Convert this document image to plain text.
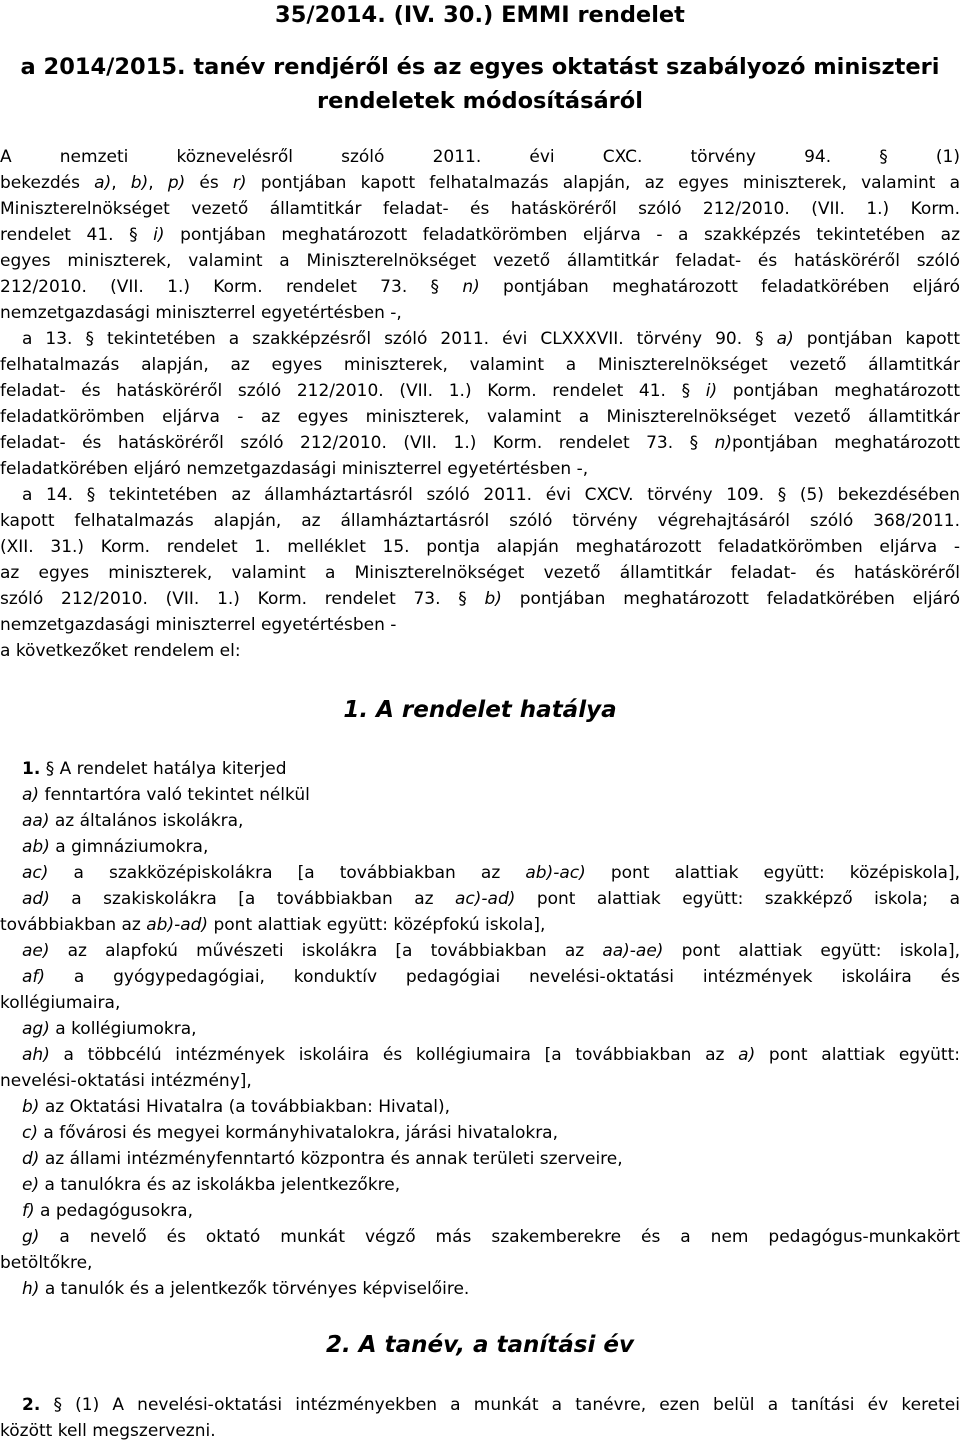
35/2014. (IV. 30.) EMMI rendelet
a 2014/2015. tanév rendjéről és az egyes oktatást szabályozó miniszteri
rendeletek módosításáról

A nemzeti köznevelésről szóló 2011. évi CXC. törvény 94. § (1)

bekezdés a), b), p) és r) pontjában kapott felhatalmazás alapján, az egyes miniszterek, valamint a

Miniszterelnökséget vezető államtitkár feladat- és hatásköréről szóló 212/2010. (VII. 1.) Korm.

rendelet 41. § i) pontjában meghatározott feladatkörömben eljárva - a szakképzés tekintetében az

egyes miniszterek, valamint a Miniszterelnökséget vezető államtitkár feladat- és hatásköréről szóló

212/2010. (VII. 1.) Korm. rendelet 73. § n) pontjában meghatározott feladatkörében eljáró

nemzetgazdasági miniszterrel egyetértésben -,

a 13. § tekintetében a szakképzésről szóló 2011. évi CLXXXVII. törvény 90. § a) pontjában kapott

felhatalmazás alapján, az egyes miniszterek, valamint a Miniszterelnökséget vezető államtitkár

feladat- és hatásköréről szóló 212/2010. (VII. 1.) Korm. rendelet 41. § i) pontjában meghatározott

feladatkörömben eljárva - az egyes miniszterek, valamint a Miniszterelnökséget vezető államtitkár

feladat- és hatásköréről szóló 212/2010. (VII. 1.) Korm. rendelet 73. § n)pontjában meghatározott

feladatkörében eljáró nemzetgazdasági miniszterrel egyetértésben -,

a 14. § tekintetében az államháztartásról szóló 2011. évi CXCV. törvény 109. § (5) bekezdésében

kapott felhatalmazás alapján, az államháztartásról szóló törvény végrehajtásáról szóló 368/2011.

(XII. 31.) Korm. rendelet 1. melléklet 15. pontja alapján meghatározott feladatkörömben eljárva -

az egyes miniszterek, valamint a Miniszterelnökséget vezető államtitkár feladat- és hatásköréről

szóló 212/2010. (VII. 1.) Korm. rendelet 73. § b) pontjában meghatározott feladatkörében eljáró

nemzetgazdasági miniszterrel egyetértésben -

a következőket rendelem el:

1. A rendelet hatálya

1. § A rendelet hatálya kiterjed

a) fenntartóra való tekintet nélkül

aa) az általános iskolákra,

ab) a gimnáziumokra,

ac) a szakközépiskolákra [a továbbiakban az ab)-ac) pont alattiak együtt: középiskola],

ad) a szakiskolákra [a továbbiakban az ac)-ad) pont alattiak együtt: szakképző iskola; a

továbbiakban az ab)-ad) pont alattiak együtt: középfokú iskola],

ae) az alapfokú művészeti iskolákra [a továbbiakban az aa)-ae) pont alattiak együtt: iskola],

af) a gyógypedagógiai, konduktív pedagógiai nevelési-oktatási intézmények iskoláira és

kollégiumaira,

ag) a kollégiumokra,

ah) a többcélú intézmények iskoláira és kollégiumaira [a továbbiakban az a) pont alattiak együtt:

nevelési-oktatási intézmény],

b) az Oktatási Hivatalra (a továbbiakban: Hivatal),

c) a fővárosi és megyei kormányhivatalokra, járási hivatalokra,

d) az állami intézményfenntartó központra és annak területi szerveire,

e) a tanulókra és az iskolákba jelentkezőkre,

f) a pedagógusokra,

g) a nevelő és oktató munkát végző más szakemberekre és a nem pedagógus-munkakört

betöltőkre,

h) a tanulók és a jelentkezők törvényes képviselőire.

2. A tanév, a tanítási év

2. § (1) A nevelési-oktatási intézményekben a munkát a tanévre, ezen belül a tanítási év keretei

között kell megszervezni.
